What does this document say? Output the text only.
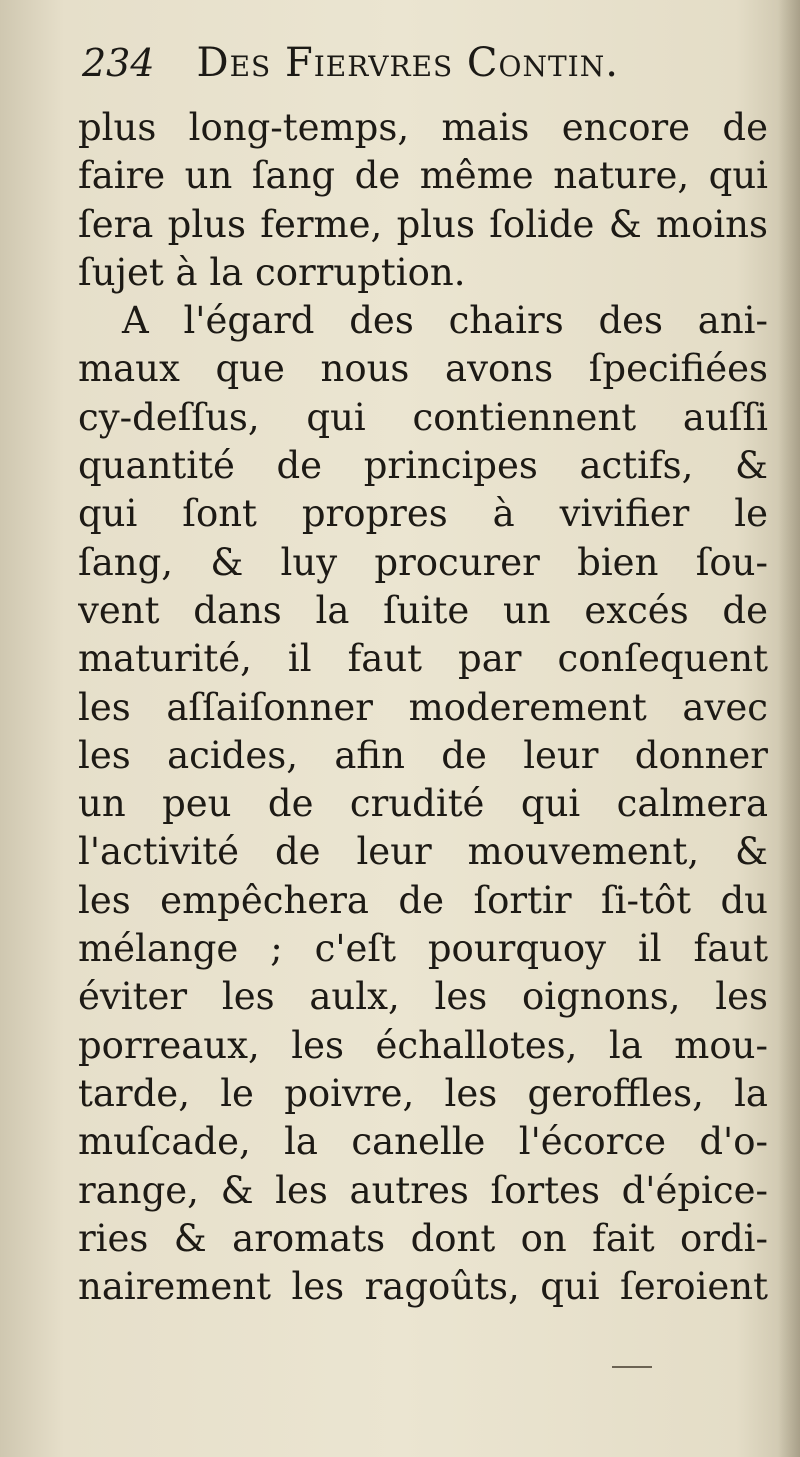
234 Des Fiervres Contin.
plus long-temps, mais encore de
faire un ſang de même nature, qui
ſera plus ferme, plus ſolide & moins
ſujet à la corruption.
A l'égard des chairs des ani-
maux que nous avons ſpecifiées
cy-deſſus, qui contiennent auſſi
quantité de principes actifs, &
qui ſont propres à vivifier le
ſang, & luy procurer bien ſou-
vent dans la ſuite un excés de
maturité, il faut par conſequent
les aſſaiſonner moderement avec
les acides, afin de leur donner
un peu de crudité qui calmera
l'activité de leur mouvement, &
les empêchera de ſortir ſi-tôt du
mélange ; c'eſt pourquoy il faut
éviter les aulx, les oignons, les
porreaux, les échallotes, la mou-
tarde, le poivre, les geroffles, la
muſcade, la canelle l'écorce d'o-
range, & les autres ſortes d'épice-
ries & aromats dont on fait ordi-
nairement les ragoûts, qui ſeroient
